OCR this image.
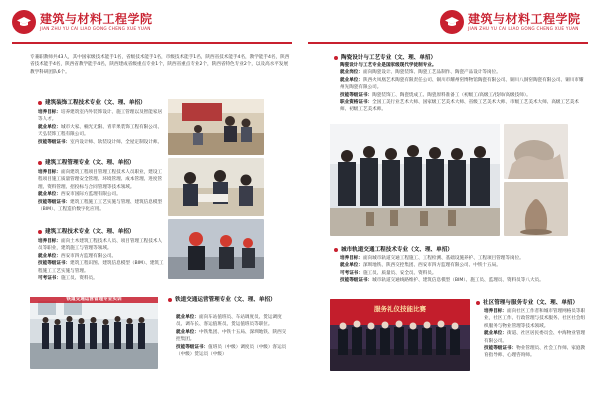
建筑与材料工程学院
JIAN ZHU YU CAI LIAO GONG CHENG XUE YUAN
专兼职教师共43人，其中国家级技术能手1名，省级技术能手1名，市级技术能手1名，陕西省技术能手4名，教学能手4名，陕西省技术能手4名，陕西省教学能手4名，陕西建成省级重点专业1个，陕西省重点专业2个，陕西省特色专业2个，以及高水平发展教学科研团队6个。
建筑装饰工程技术专业（文、理、单招）
培养目标：培养建筑室内外装饰设计、施工管理以及智能家居等人才。
就业单位：城市大家、楠光无限、青苹果装饰工程有限公司、天弘装饰工程有限公司。
技能等级证书：室内设计师、软装设计师、全屋定制设计师。
建筑工程管理专业（文、理、单招）
培养目标：面向建筑工程项目管理工程技术人员职业，建设工程项目施工质量管理安全管理、环境管理、成本管理、进度管理、资料管理、招投标与合同管理等技术领域。
就业单位：西安市国际方监理有限公司。
技能等级证书：建筑工程施工工艺实施与管理、建筑信息模型（BIM）、工程造价数字化应用。
建筑工程技术专业（文、理、单招）
培养目标：面向土木建筑工程技术人员、项目管理工程技术人员等职业，建筑施工与管理等领域。
就业单位：西安市四方监理有限公司。
技能等级证书：建筑工程识图、建筑信息模型（BIM）、建筑工程施工工艺实施与管理。
可考证书：施工员、资料员。
铁道交通运营管理专业（文、理、单招）
就业单位：面向车站值班员、车站调度员、货运调度员、调车长、客运值班员、货运值班员等职位。
就业单位：中铁集团、中铁十五局、深圳地铁、陕西交控集团。
技能等级证书：值班员（中级）调度员（中级）客运员（中级）货运员（中级）
铁道交通运营管理专业实训
建筑与材料工程学院
JIAN ZHU YU CAI LIAO GONG CHENG XUE YUAN
陶瓷设计与工艺专业（文、理、单招）
陶瓷设计与工艺专业是国家级现代学徒制专业。
就业岗位：面向陶瓷设计、陶瓷装饰、陶瓷工艺品制作、陶瓷产品设计等岗位。
就业单位：陕西火凤凰艺术陶瓷有限责任公司、铜川市耀州窑博物馆陶瓷有限公司、铜川八洞窑陶瓷有限公司、铜川市耀州先陶瓷有限公司。
技能等级证书：陶瓷装饰工、陶瓷烧成工、陶瓷原料准备工（初级工/高级工/技师/高级技师）。
职业资格证书：全国工美行业艺术大师、国家级工艺美术大师、省级工艺美术大师、市级工艺美术大师、高级工艺美术师、初级工艺美术师。
城市轨道交通工程技术专业（文、理、单招）
培养目标：面向城市轨道交通工程施工、工程检测、基础设施养护、工程项目管理等岗位。
就业单位：深圳地铁、陕西交控集团、西安市四方监理有限公司、中铁十五局。
可考证书：施工员、质量员、安全员、资料员。
技能等级证书：城市轨道交通线路维护、建筑信息模型（BIM）、施工员、监理员、资料员等八大员。
服务礼仪技能比赛
社区管理与服务专业（文、理、单招）
培养目标：面向社区工作者和城市管理网格员等职业，社区工作、行政管理与技术服务、社区社会组织服务与物业管理等技术领域。
就业单位：街道、社区居民委员会、中海物业管理有限公司。
技能等级证书：物业管理员、社会工作师、家庭教育指导师、心理咨询师。
